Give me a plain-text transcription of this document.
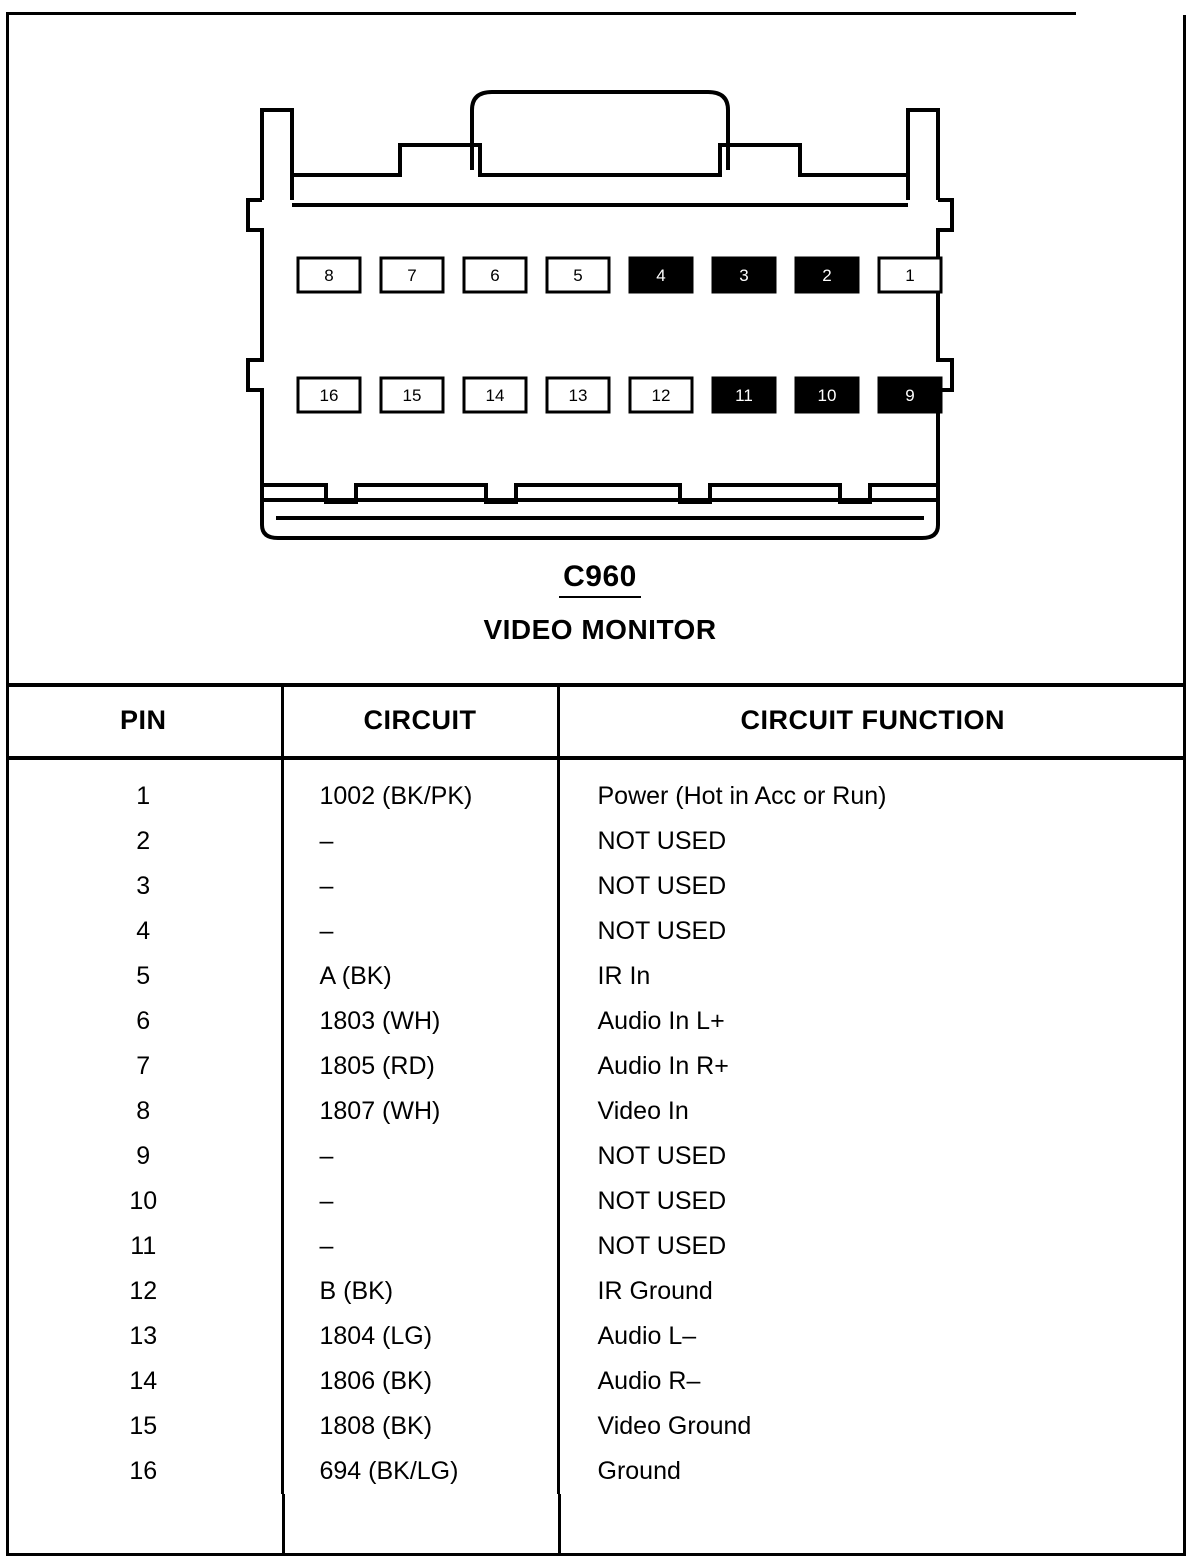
8	7	6	5	4	3	2	1
16	15	14	13	12	11	10	9
C960
VIDEO MONITOR
PIN	CIRCUIT	CIRCUIT FUNCTION
1	1002 (BK/PK)	Power (Hot in Acc or Run)
2	–	NOT USED
3	–	NOT USED
4	–	NOT USED
5	A (BK)	IR In
6	1803 (WH)	Audio In L+
7	1805 (RD)	Audio In R+
8	1807 (WH)	Video In
9	–	NOT USED
10	–	NOT USED
11	–	NOT USED
12	B (BK)	IR Ground
13	1804 (LG)	Audio L–
14	1806 (BK)	Audio R–
15	1808 (BK)	Video Ground
16	694 (BK/LG)	Ground
